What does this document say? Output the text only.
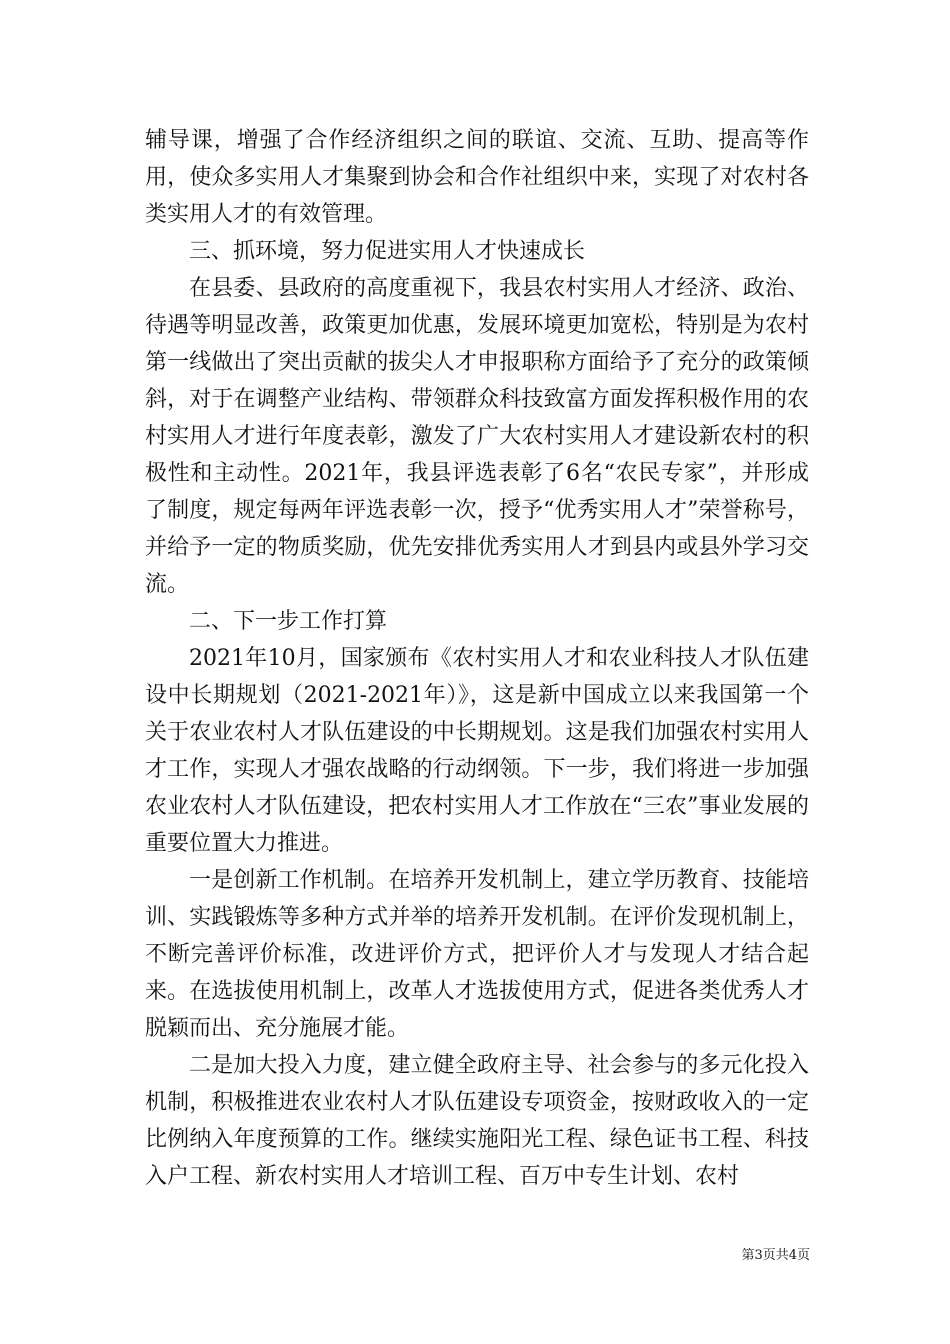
辅导课，增强了合作经济组织之间的联谊、交流、互助、提高等作用，使众多实用人才集聚到协会和合作社组织中来，实现了对农村各类实用人才的有效管理。

三、抓环境，努力促进实用人才快速成长

在县委、县政府的高度重视下，我县农村实用人才经济、政治、待遇等明显改善，政策更加优惠，发展环境更加宽松，特别是为农村第一线做出了突出贡献的拔尖人才申报职称方面给予了充分的政策倾斜，对于在调整产业结构、带领群众科技致富方面发挥积极作用的农村实用人才进行年度表彰，激发了广大农村实用人才建设新农村的积极性和主动性。2021年，我县评选表彰了6名“农民专家”，并形成了制度，规定每两年评选表彰一次，授予“优秀实用人才”荣誉称号，并给予一定的物质奖励，优先安排优秀实用人才到县内或县外学习交流。

二、下一步工作打算

2021年10月，国家颁布《农村实用人才和农业科技人才队伍建设中长期规划（2021-2021年）》，这是新中国成立以来我国第一个关于农业农村人才队伍建设的中长期规划。这是我们加强农村实用人才工作，实现人才强农战略的行动纲领。下一步，我们将进一步加强农业农村人才队伍建设，把农村实用人才工作放在“三农”事业发展的重要位置大力推进。

一是创新工作机制。在培养开发机制上，建立学历教育、技能培训、实践锻炼等多种方式并举的培养开发机制。在评价发现机制上，不断完善评价标准，改进评价方式，把评价人才与发现人才结合起来。在选拔使用机制上，改革人才选拔使用方式，促进各类优秀人才脱颖而出、充分施展才能。

二是加大投入力度，建立健全政府主导、社会参与的多元化投入机制，积极推进农业农村人才队伍建设专项资金，按财政收入的一定比例纳入年度预算的工作。继续实施阳光工程、绿色证书工程、科技入户工程、新农村实用人才培训工程、百万中专生计划、农村

第3页共4页
